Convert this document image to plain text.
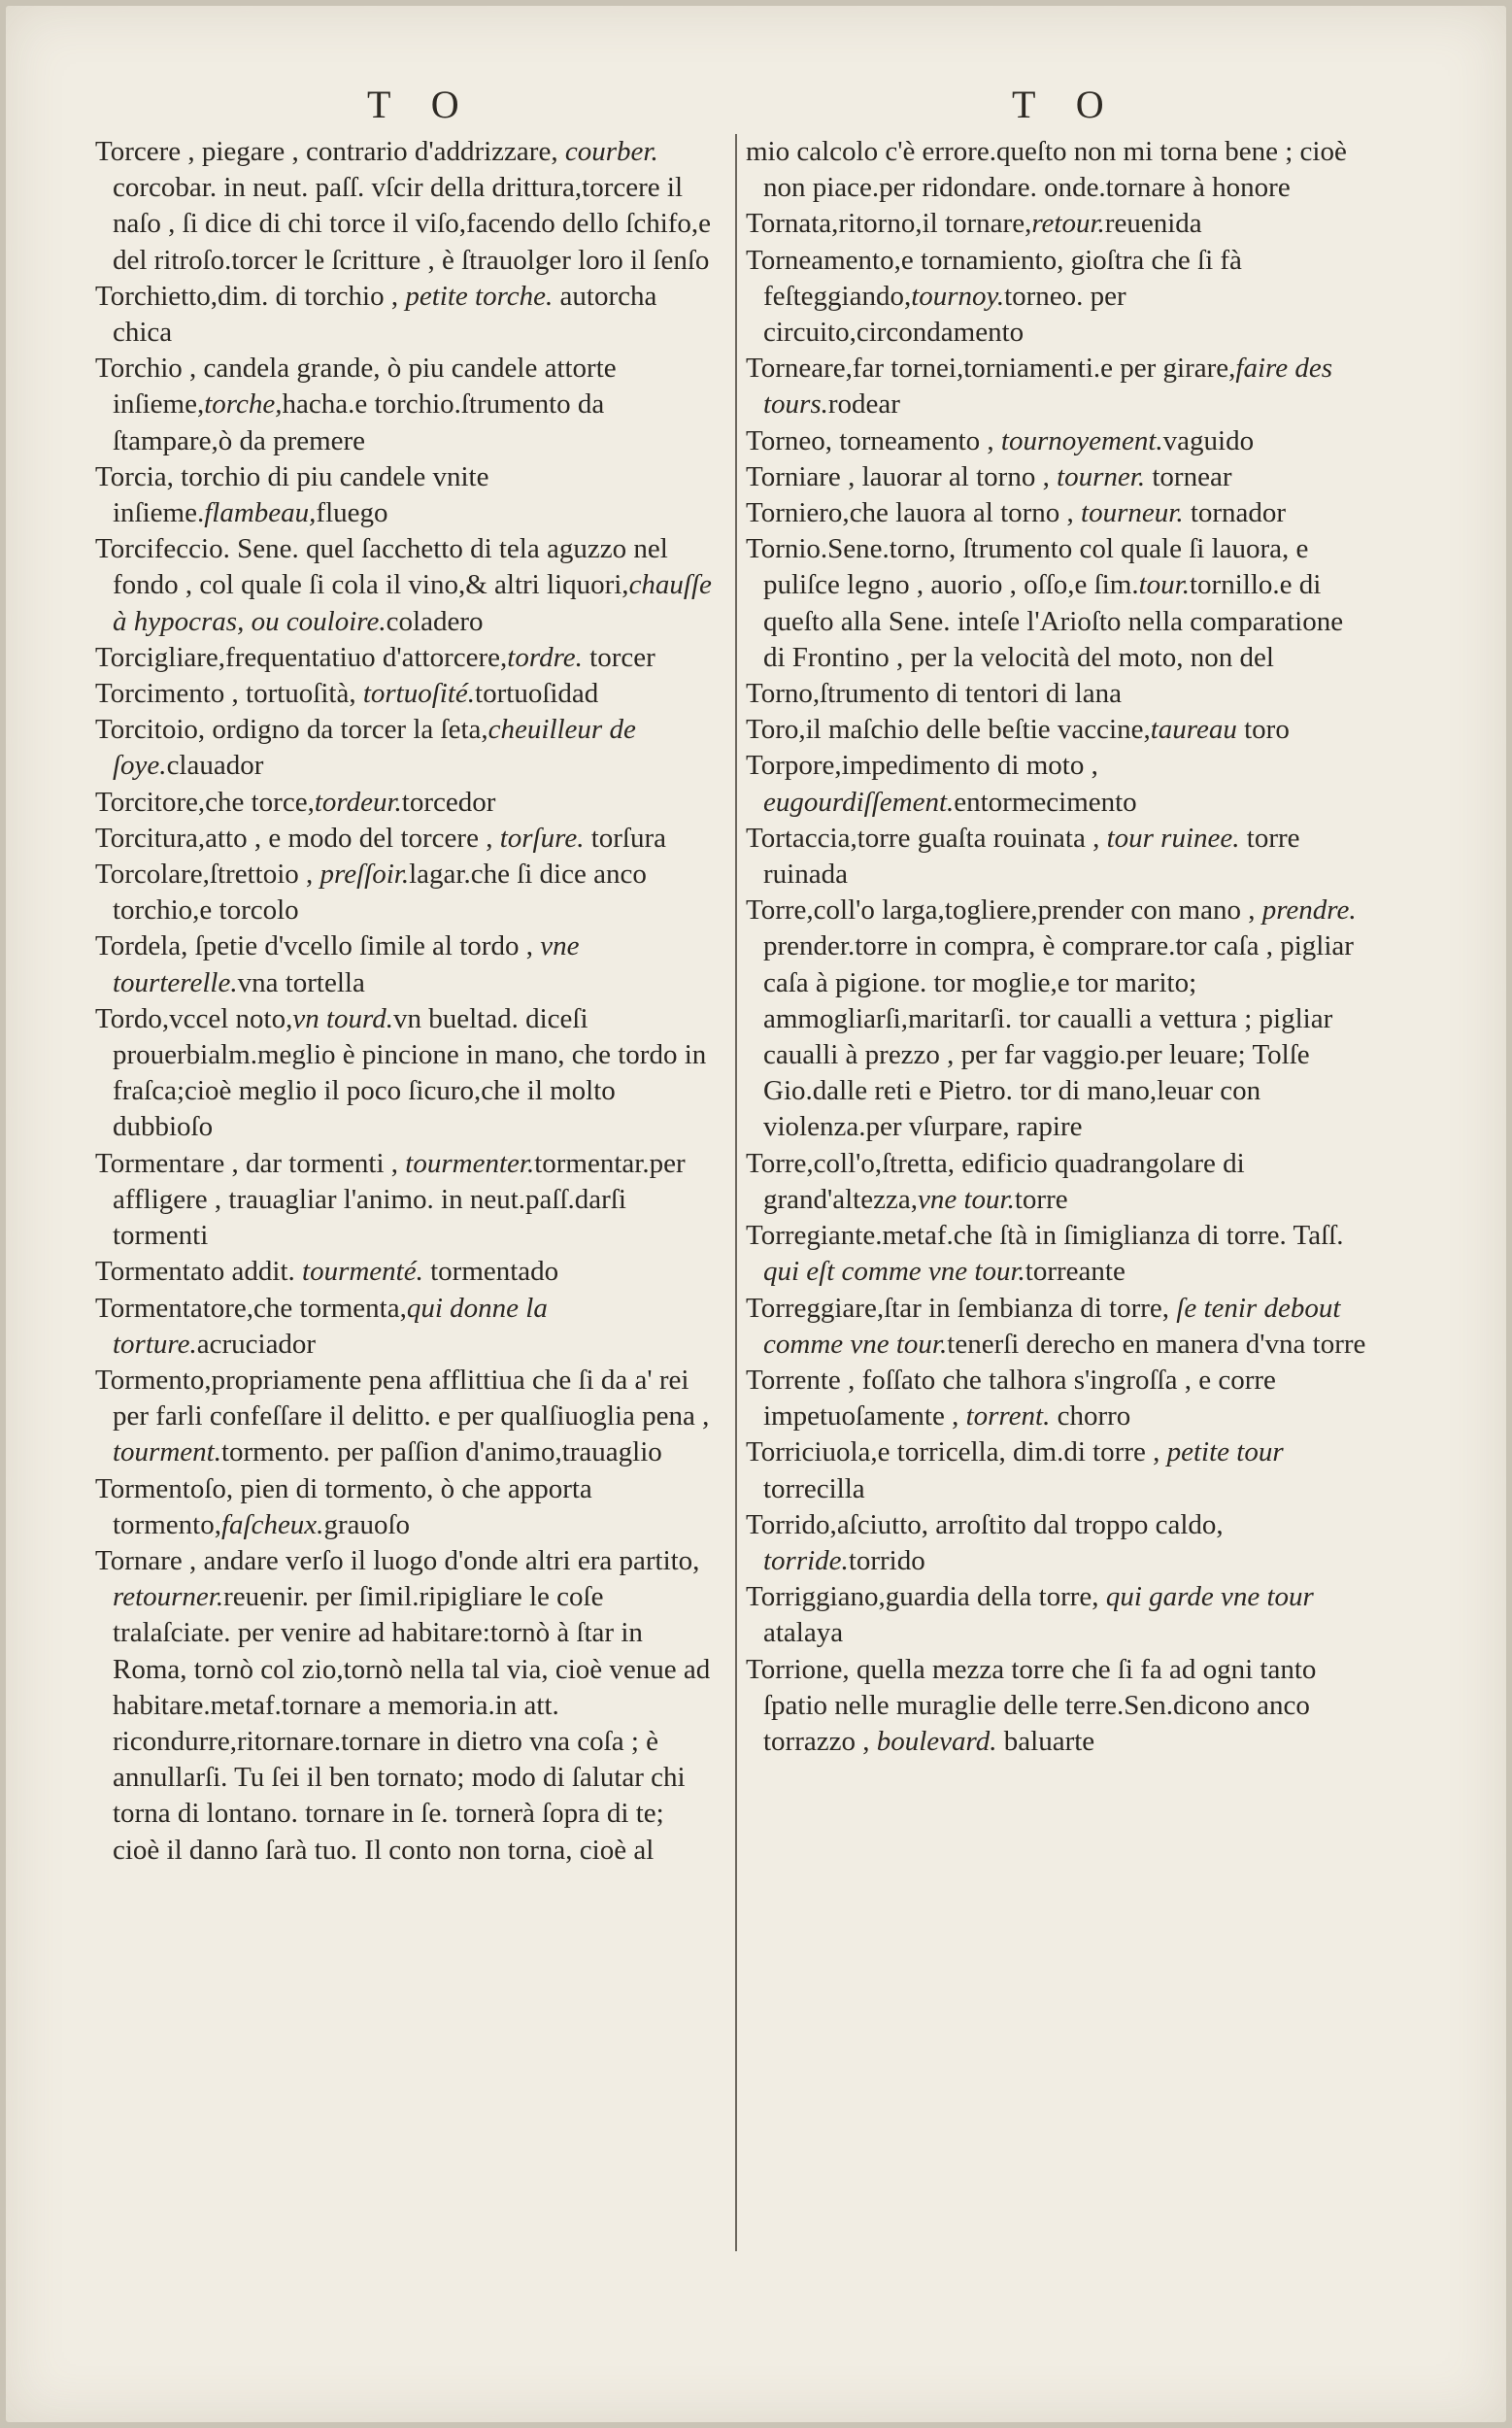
T O	T O

Torcere , piegare , contrario d'addrizzare, courber. corcobar. in neut. paſſ. vſcir della drittura,torcere il naſo , ſi dice di chi torce il viſo,facendo dello ſchifo,e del ritroſo.torcer le ſcritture , è ſtrauolger loro il ſenſo

Torchietto,dim. di torchio , petite torche. autorcha chica

Torchio , candela grande, ò piu candele attorte inſieme,torche,hacha.e torchio.ſtrumento da ſtampare,ò da premere

Torcia, torchio di piu candele vnite inſieme.flambeau,fluego

Torcifeccio. Sene. quel ſacchetto di tela aguzzo nel fondo , col quale ſi cola il vino,& altri liquori,chauſſe à hypocras, ou couloire.coladero

Torcigliare,frequentatiuo d'attorcere,tordre. torcer

Torcimento , tortuoſità, tortuoſité.tortuoſidad

Torcitoio, ordigno da torcer la ſeta,cheuilleur de ſoye.clauador

Torcitore,che torce,tordeur.torcedor

Torcitura,atto , e modo del torcere , torſure. torſura

Torcolare,ſtrettoio , preſſoir.lagar.che ſi dice anco torchio,e torcolo

Tordela, ſpetie d'vcello ſimile al tordo , vne tourterelle.vna tortella

Tordo,vccel noto,vn tourd.vn bueltad. diceſi prouerbialm.meglio è pincione in mano, che tordo in fraſca;cioè meglio il poco ſicuro,che il molto dubbioſo

Tormentare , dar tormenti , tourmenter.tormentar.per affligere , trauagliar l'animo. in neut.paſſ.darſi tormenti

Tormentato addit. tourmenté. tormentado

Tormentatore,che tormenta,qui donne la torture.acruciador

Tormento,propriamente pena afflittiua che ſi da a' rei per farli confeſſare il delitto. e per qualſiuoglia pena , tourment.tormento. per paſſion d'animo,trauaglio

Tormentoſo, pien di tormento, ò che apporta tormento,faſcheux.grauoſo

Tornare , andare verſo il luogo d'onde altri era partito, retourner.reuenir. per ſimil.ripigliare le coſe tralaſciate. per venire ad habitare:tornò à ſtar in Roma, tornò col zio,tornò nella tal via, cioè venue ad habitare.metaf.tornare a memoria.in att. ricondurre,ritornare.tornare in dietro vna coſa ; è annullarſi. Tu ſei il ben tornato; modo di ſalutar chi torna di lontano. tornare in ſe. tornerà ſopra di te; cioè il danno ſarà tuo. Il conto non torna, cioè al

mio calcolo c'è errore.queſto non mi torna bene ; cioè non piace.per ridondare. onde.tornare à honore

Tornata,ritorno,il tornare,retour.reuenida

Torneamento,e tornamiento, gioſtra che ſi fà feſteggiando,tournoy.torneo. per circuito,circondamento

Torneare,far tornei,torniamenti.e per girare,faire des tours.rodear

Torneo, torneamento , tournoyement.vaguido

Torniare , lauorar al torno , tourner. tornear

Torniero,che lauora al torno , tourneur. tornador

Tornio.Sene.torno, ſtrumento col quale ſi lauora, e puliſce legno , auorio , oſſo,e ſim.tour.tornillo.e di queſto alla Sene. inteſe l'Arioſto nella comparatione di Frontino , per la velocità del moto, non del

Torno,ſtrumento di tentori di lana

Toro,il maſchio delle beſtie vaccine,taureau toro

Torpore,impedimento di moto , eugourdiſſement.entormecimento

Tortaccia,torre guaſta rouinata , tour ruinee. torre ruinada

Torre,coll'o larga,togliere,prender con mano , prendre. prender.torre in compra, è comprare.tor caſa , pigliar caſa à pigione. tor moglie,e tor marito; ammogliarſi,maritarſi. tor caualli a vettura ; pigliar caualli à prezzo , per far vaggio.per leuare; Tolſe Gio.dalle reti e Pietro. tor di mano,leuar con violenza.per vſurpare, rapire

Torre,coll'o,ſtretta, edificio quadrangolare di grand'altezza,vne tour.torre

Torregiante.metaf.che ſtà in ſimiglianza di torre. Taſſ. qui eſt comme vne tour.torreante

Torreggiare,ſtar in ſembianza di torre, ſe tenir debout comme vne tour.tenerſi derecho en manera d'vna torre

Torrente , foſſato che talhora s'ingroſſa , e corre impetuoſamente , torrent. chorro

Torriciuola,e torricella, dim.di torre , petite tour torrecilla

Torrido,aſciutto, arroſtito dal troppo caldo, torride.torrido

Torriggiano,guardia della torre, qui garde vne tour atalaya

Torrione, quella mezza torre che ſi fa ad ogni tanto ſpatio nelle muraglie delle terre.Sen.dicono anco torrazzo , boulevard. baluarte
